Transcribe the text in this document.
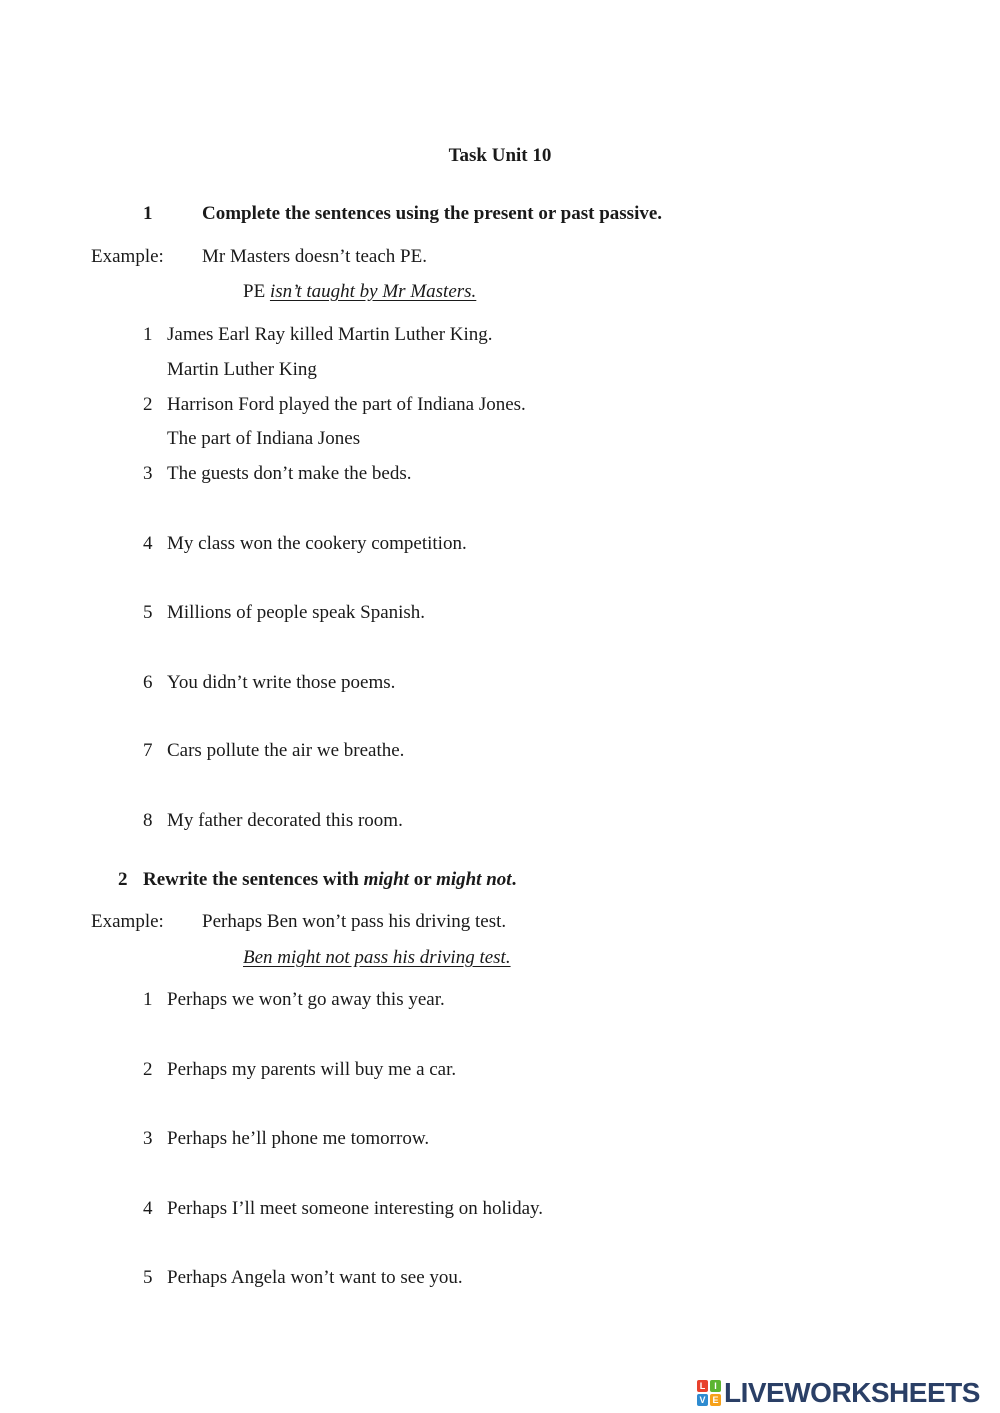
Task Unit 10
1	Complete the sentences using the present or past passive.
Example: Mr Masters doesn’t teach PE.
PE isn’t taught by Mr Masters.
1 James Earl Ray killed Martin Luther King.
Martin Luther King
2 Harrison Ford played the part of Indiana Jones.
The part of Indiana Jones
3 The guests don’t make the beds.
4 My class won the cookery competition.
5 Millions of people speak Spanish.
6 You didn’t write those poems.
7 Cars pollute the air we breathe.
8 My father decorated this room.
2 Rewrite the sentences with might or might not.
Example: Perhaps Ben won’t pass his driving test.
Ben might not pass his driving test.
1 Perhaps we won’t go away this year.
2 Perhaps my parents will buy me a car.
3 Perhaps he’ll phone me tomorrow.
4 Perhaps I’ll meet someone interesting on holiday.
5 Perhaps Angela won’t want to see you.
L I
V E LIVEWORKSHEETS
